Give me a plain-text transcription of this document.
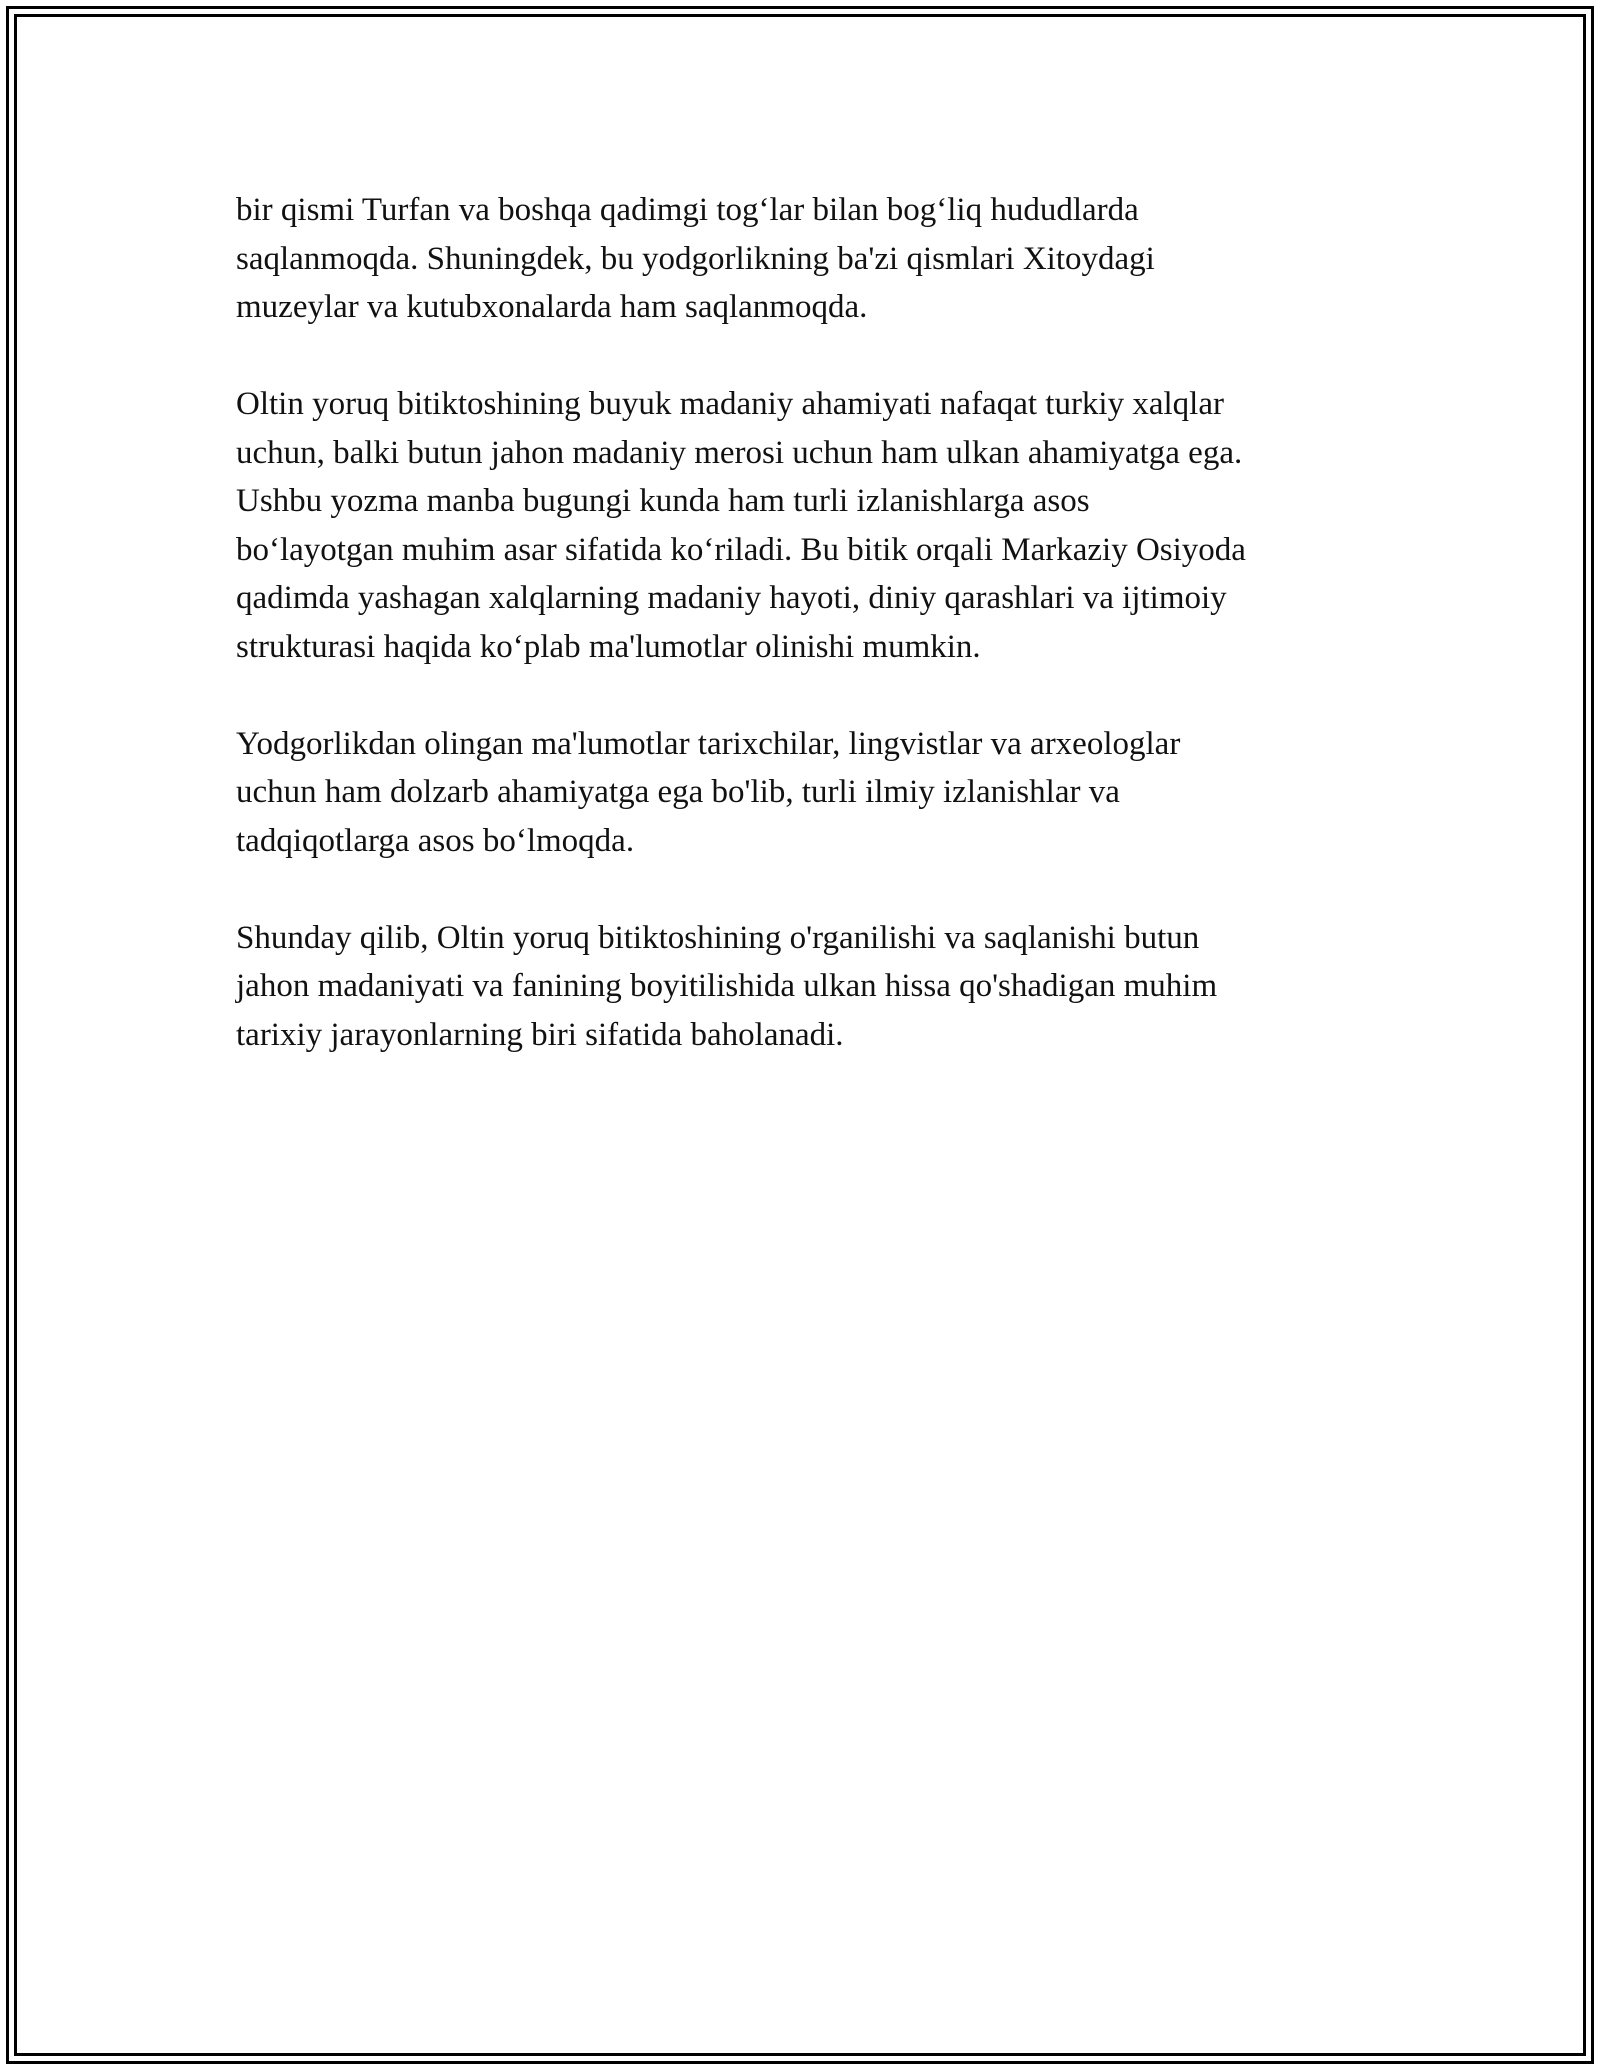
bir qismi Turfan va boshqa qadimgi tog‘lar bilan bog‘liq hududlarda
saqlanmoqda. Shuningdek, bu yodgorlikning ba'zi qismlari Xitoydagi
muzeylar va kutubxonalarda ham saqlanmoqda.

Oltin yoruq bitiktoshining buyuk madaniy ahamiyati nafaqat turkiy xalqlar
uchun, balki butun jahon madaniy merosi uchun ham ulkan ahamiyatga ega.
Ushbu yozma manba bugungi kunda ham turli izlanishlarga asos
bo‘layotgan muhim asar sifatida ko‘riladi. Bu bitik orqali Markaziy Osiyoda
qadimda yashagan xalqlarning madaniy hayoti, diniy qarashlari va ijtimoiy
strukturasi haqida ko‘plab ma'lumotlar olinishi mumkin.

Yodgorlikdan olingan ma'lumotlar tarixchilar, lingvistlar va arxeologlar
uchun ham dolzarb ahamiyatga ega bo'lib, turli ilmiy izlanishlar va
tadqiqotlarga asos bo‘lmoqda.

Shunday qilib, Oltin yoruq bitiktoshining o'rganilishi va saqlanishi butun
jahon madaniyati va fanining boyitilishida ulkan hissa qo'shadigan muhim
tarixiy jarayonlarning biri sifatida baholanadi.
